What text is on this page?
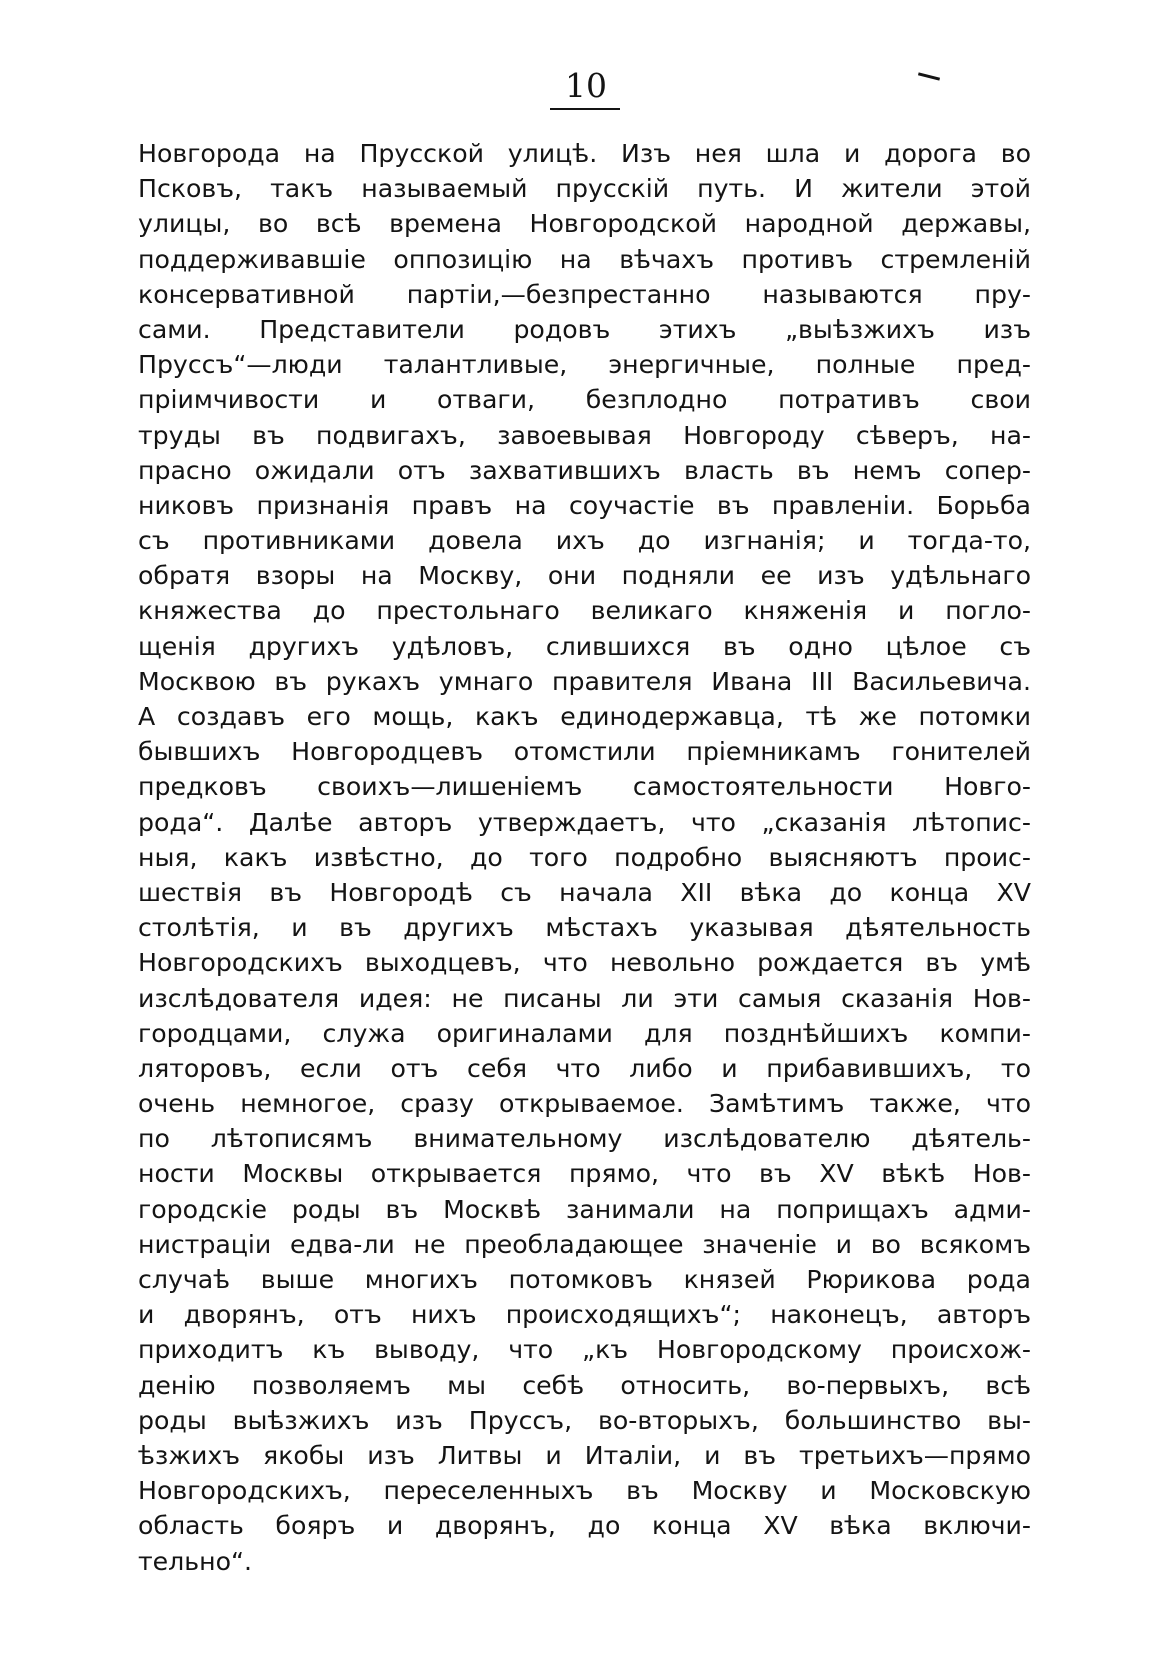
10
Новгорода на Прусской улицѣ. Изъ нея шла и дорога во
Псковъ, такъ называемый прусскій путь. И жители этой
улицы, во всѣ времена Новгородской народной державы,
поддерживавшіе оппозицію на вѣчахъ противъ стремленій
консервативной партіи,—безпрестанно называются пру-
сами. Представители родовъ этихъ „выѣзжихъ изъ
Пруссъ“—люди талантливые, энергичные, полные пред-
пріимчивости и отваги, безплодно потративъ свои
труды въ подвигахъ, завоевывая Новгороду сѣверъ, на-
прасно ожидали отъ захватившихъ власть въ немъ сопер-
никовъ признанія правъ на соучастіе въ правленіи. Борьба
съ противниками довела ихъ до изгнанія; и тогда-то,
обратя взоры на Москву, они подняли ее изъ удѣльнаго
княжества до престольнаго великаго княженія и погло-
щенія другихъ удѣловъ, слившихся въ одно цѣлое съ
Москвою въ рукахъ умнаго правителя Ивана III Васильевича.
А создавъ его мощь, какъ единодержавца, тѣ же потомки
бывшихъ Новгородцевъ отомстили пріемникамъ гонителей
предковъ своихъ—лишеніемъ самостоятельности Новго-
рода“. Далѣе авторъ утверждаетъ, что „сказанія лѣтопис-
ныя, какъ извѣстно, до того подробно выясняютъ проис-
шествія въ Новгородѣ съ начала XII вѣка до конца XV
столѣтія, и въ другихъ мѣстахъ указывая дѣятельность
Новгородскихъ выходцевъ, что невольно рождается въ умѣ
изслѣдователя идея: не писаны ли эти самыя сказанія Нов-
городцами, служа оригиналами для позднѣйшихъ компи-
ляторовъ, если отъ себя что либо и прибавившихъ, то
очень немногое, сразу открываемое. Замѣтимъ также, что
по лѣтописямъ внимательному изслѣдователю дѣятель-
ности Москвы открывается прямо, что въ XV вѣкѣ Нов-
городскіе роды въ Москвѣ занимали на поприщахъ адми-
нистраціи едва-ли не преобладающее значеніе и во всякомъ
случаѣ выше многихъ потомковъ князей Рюрикова рода
и дворянъ, отъ нихъ происходящихъ“; наконецъ, авторъ
приходитъ къ выводу, что „къ Новгородскому происхож-
денію позволяемъ мы себѣ относить, во-первыхъ, всѣ
роды выѣзжихъ изъ Пруссъ, во-вторыхъ, большинство вы-
ѣзжихъ якобы изъ Литвы и Италіи, и въ третьихъ—прямо
Новгородскихъ, переселенныхъ въ Москву и Московскую
область бояръ и дворянъ, до конца XV вѣка включи-
тельно“.
